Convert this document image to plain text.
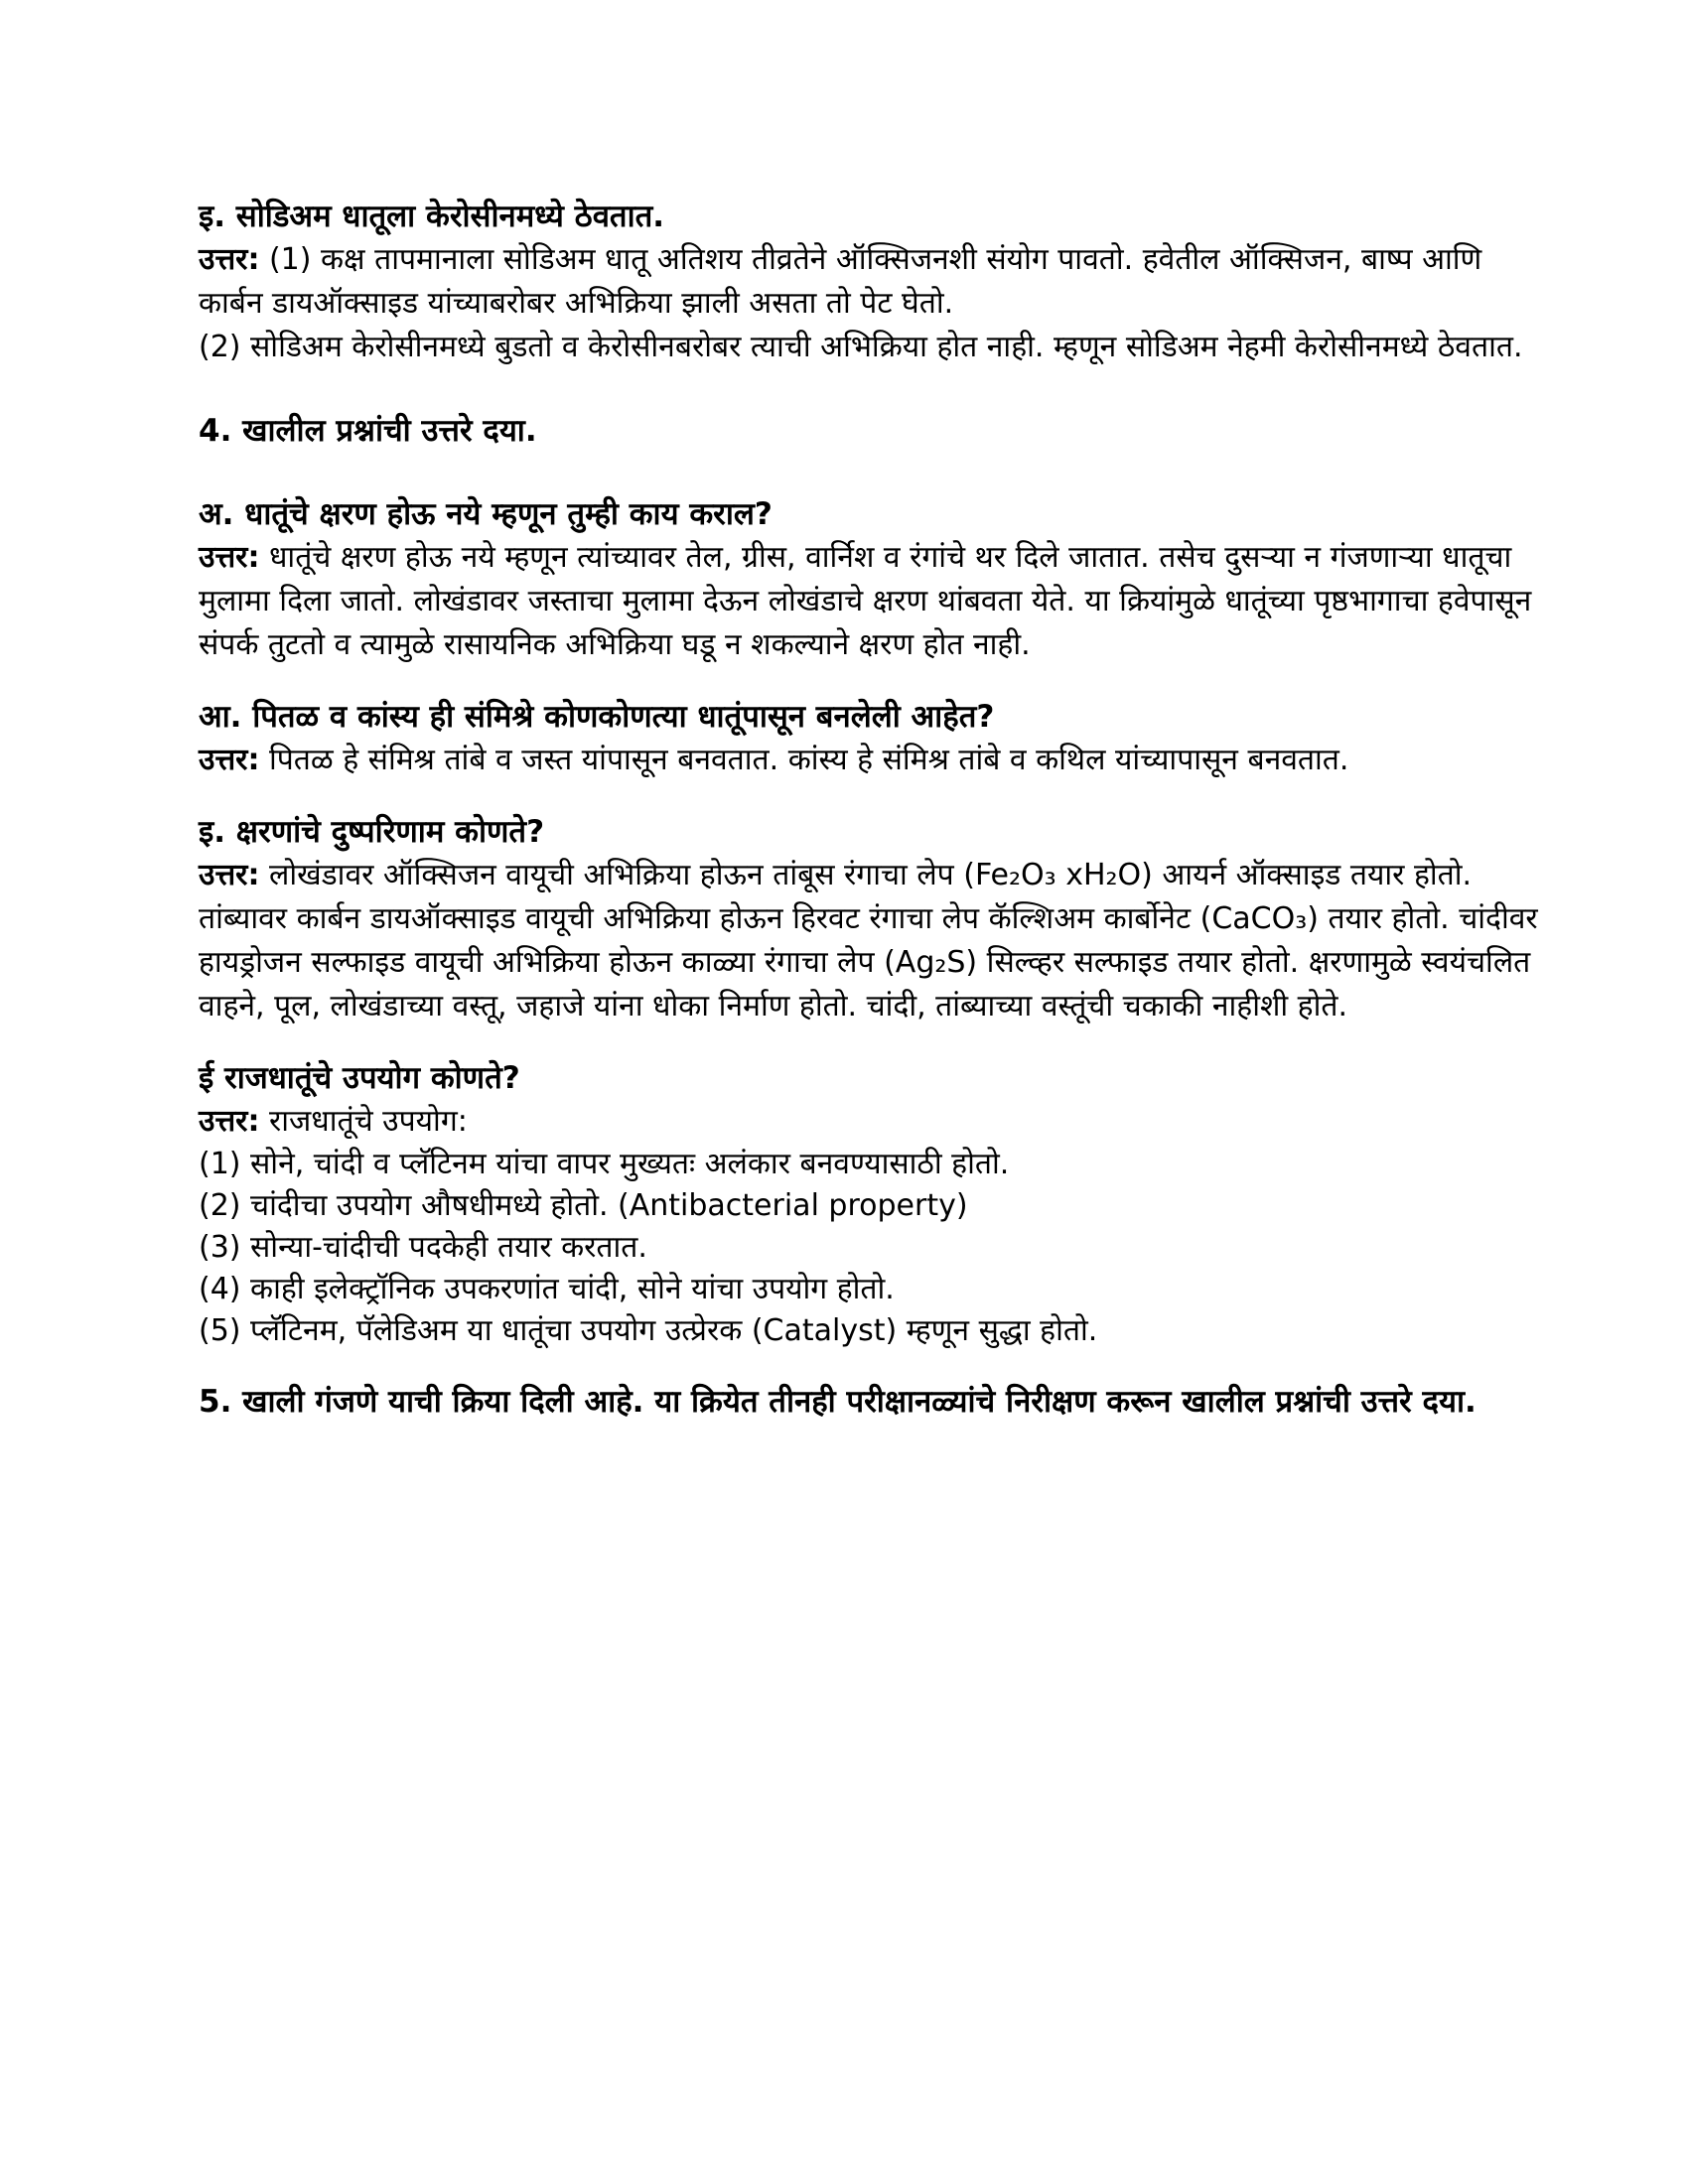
इ. सोडिअम धातूला केरोसीनमध्ये ठेवतात.

उत्तर: (1) कक्ष तापमानाला सोडिअम धातू अतिशय तीव्रतेने ऑक्सिजनशी संयोग पावतो. हवेतील ऑक्सिजन, बाष्प आणि कार्बन डायऑक्साइड यांच्याबरोबर अभिक्रिया झाली असता तो पेट घेतो.

(2) सोडिअम केरोसीनमध्ये बुडतो व केरोसीनबरोबर त्याची अभिक्रिया होत नाही. म्हणून सोडिअम नेहमी केरोसीनमध्ये ठेवतात.

4. खालील प्रश्नांची उत्तरे दया.

अ. धातूंचे क्षरण होऊ नये म्हणून तुम्ही काय कराल?

उत्तर: धातूंचे क्षरण होऊ नये म्हणून त्यांच्यावर तेल, ग्रीस, वार्निश व रंगांचे थर दिले जातात. तसेच दुसऱ्या न गंजणाऱ्या धातूचा मुलामा दिला जातो. लोखंडावर जस्ताचा मुलामा देऊन लोखंडाचे क्षरण थांबवता येते. या क्रियांमुळे धातूंच्या पृष्ठभागाचा हवेपासून संपर्क तुटतो व त्यामुळे रासायनिक अभिक्रिया घडू न शकल्याने क्षरण होत नाही.

आ. पितळ व कांस्य ही संमिश्रे कोणकोणत्या धातूंपासून बनलेली आहेत?

उत्तर: पितळ हे संमिश्र तांबे व जस्त यांपासून बनवतात. कांस्य हे संमिश्र तांबे व कथिल यांच्यापासून बनवतात.

इ. क्षरणांचे दुष्परिणाम कोणते?

उत्तर: लोखंडावर ऑक्सिजन वायूची अभिक्रिया होऊन तांबूस रंगाचा लेप (Fe₂O₃ xH₂O) आयर्न ऑक्साइड तयार होतो. तांब्यावर कार्बन डायऑक्साइड वायूची अभिक्रिया होऊन हिरवट रंगाचा लेप कॅल्शिअम कार्बोनेट (CaCO₃) तयार होतो. चांदीवर हायड्रोजन सल्फाइड वायूची अभिक्रिया होऊन काळ्या रंगाचा लेप (Ag₂S) सिल्व्हर सल्फाइड तयार होतो. क्षरणामुळे स्वयंचलित वाहने, पूल, लोखंडाच्या वस्तू, जहाजे यांना धोका निर्माण होतो. चांदी, तांब्याच्या वस्तूंची चकाकी नाहीशी होते.

ई राजधातूंचे उपयोग कोणते?

उत्तर: राजधातूंचे उपयोग:

(1) सोने, चांदी व प्लॅटिनम यांचा वापर मुख्यतः अलंकार बनवण्यासाठी होतो.

(2) चांदीचा उपयोग औषधीमध्ये होतो. (Antibacterial property)

(3) सोन्या-चांदीची पदकेही तयार करतात.

(4) काही इलेक्ट्रॉनिक उपकरणांत चांदी, सोने यांचा उपयोग होतो.

(5) प्लॅटिनम, पॅलेडिअम या धातूंचा उपयोग उत्प्रेरक (Catalyst) म्हणून सुद्धा होतो.

5. खाली गंजणे याची क्रिया दिली आहे. या क्रियेत तीनही परीक्षानळ्यांचे निरीक्षण करून खालील प्रश्नांची उत्तरे दया.
